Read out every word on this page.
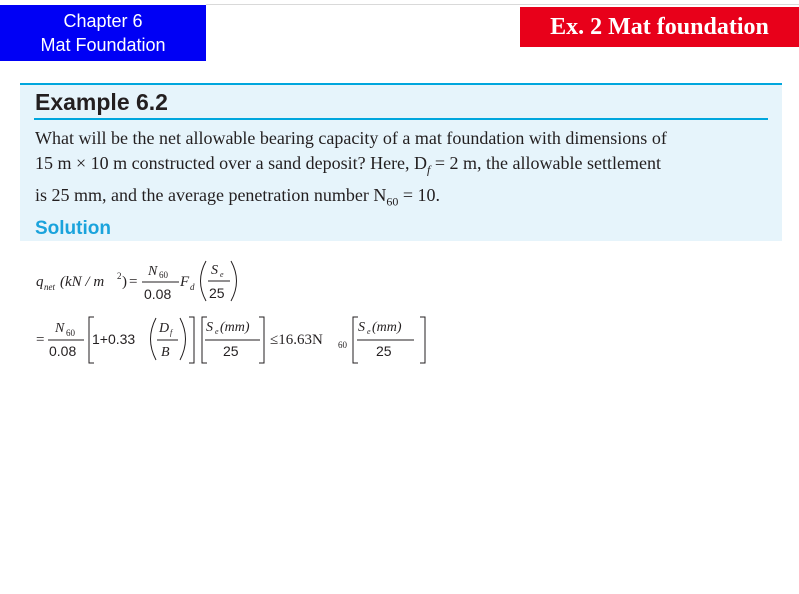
Chapter 6
Mat Foundation
Ex. 2 Mat foundation
Example 6.2
What will be the net allowable bearing capacity of a mat foundation with dimensions of
15 m × 10 m constructed over a sand deposit? Here, $D_f = 2$ m, the allowable settlement
is 25 mm, and the average penetration number $N_{60} = 10$.
Solution
q net (kN / m 2 ) =
N 60
0.08
F d
S e
25
=
N 60
0.08
1+0.33
D f
B
S e (mm)
25
≤16.63N 60
S e (mm)
25
